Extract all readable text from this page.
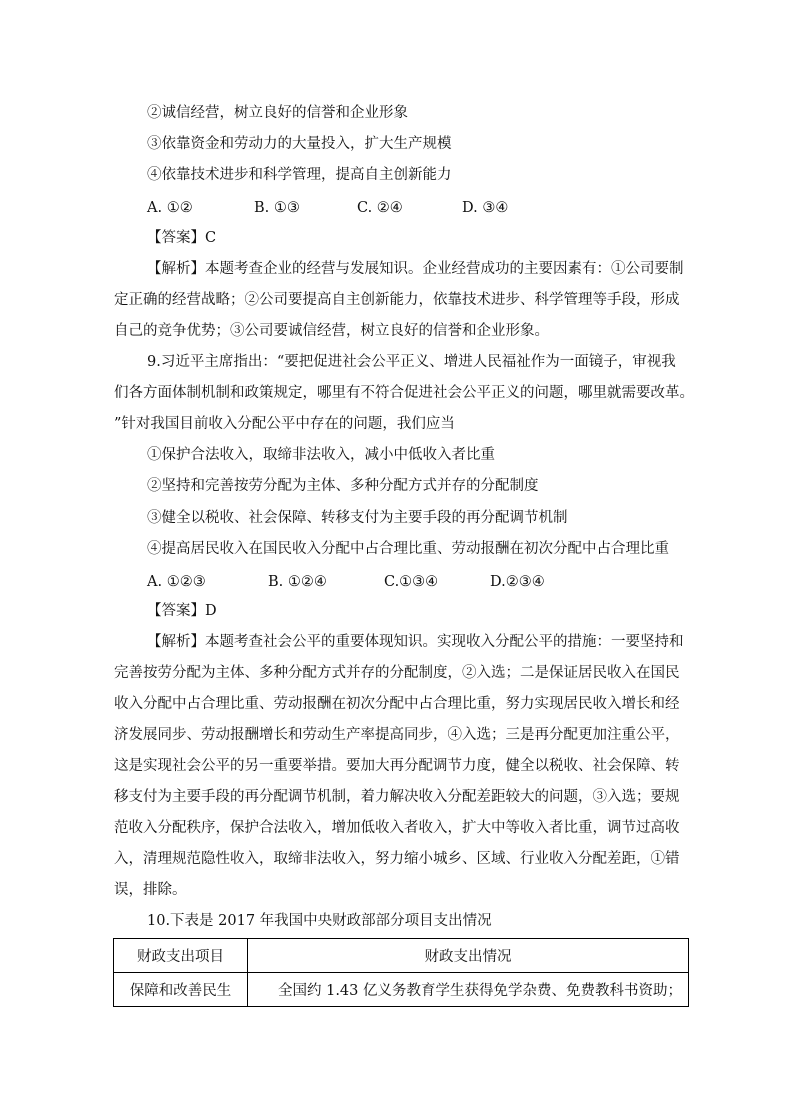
②诚信经营，树立良好的信誉和企业形象
③依靠资金和劳动力的大量投入，扩大生产规模
④依靠技术进步和科学管理，提高自主创新能力
A. ①②	B. ①③	C. ②④	D. ③④
【答案】C
【解析】本题考查企业的经营与发展知识。企业经营成功的主要因素有：①公司要制
定正确的经营战略；②公司要提高自主创新能力，依靠技术进步、科学管理等手段，形成
自己的竞争优势；③公司要诚信经营，树立良好的信誉和企业形象。
9.习近平主席指出：“要把促进社会公平正义、增进人民福祉作为一面镜子，审视我
们各方面体制机制和政策规定，哪里有不符合促进社会公平正义的问题，哪里就需要改革。
”针对我国目前收入分配公平中存在的问题，我们应当
①保护合法收入，取缔非法收入，减小中低收入者比重
②坚持和完善按劳分配为主体、多种分配方式并存的分配制度
③健全以税收、社会保障、转移支付为主要手段的再分配调节机制
④提高居民收入在国民收入分配中占合理比重、劳动报酬在初次分配中占合理比重
A. ①②③	B. ①②④	C.①③④	D.②③④
【答案】D
【解析】本题考查社会公平的重要体现知识。实现收入分配公平的措施：一要坚持和
完善按劳分配为主体、多种分配方式并存的分配制度，②入选；二是保证居民收入在国民
收入分配中占合理比重、劳动报酬在初次分配中占合理比重，努力实现居民收入增长和经
济发展同步、劳动报酬增长和劳动生产率提高同步，④入选；三是再分配更加注重公平，
这是实现社会公平的另一重要举措。要加大再分配调节力度，健全以税收、社会保障、转
移支付为主要手段的再分配调节机制，着力解决收入分配差距较大的问题，③入选；要规
范收入分配秩序，保护合法收入，增加低收入者收入，扩大中等收入者比重，调节过高收
入，清理规范隐性收入，取缔非法收入，努力缩小城乡、区域、行业收入分配差距，①错
误，排除。
10.下表是 2017 年我国中央财政部部分项目支出情况
财政支出项目	财政支出情况
保障和改善民生	全国约 1.43 亿义务教育学生获得免学杂费、免费教科书资助；
